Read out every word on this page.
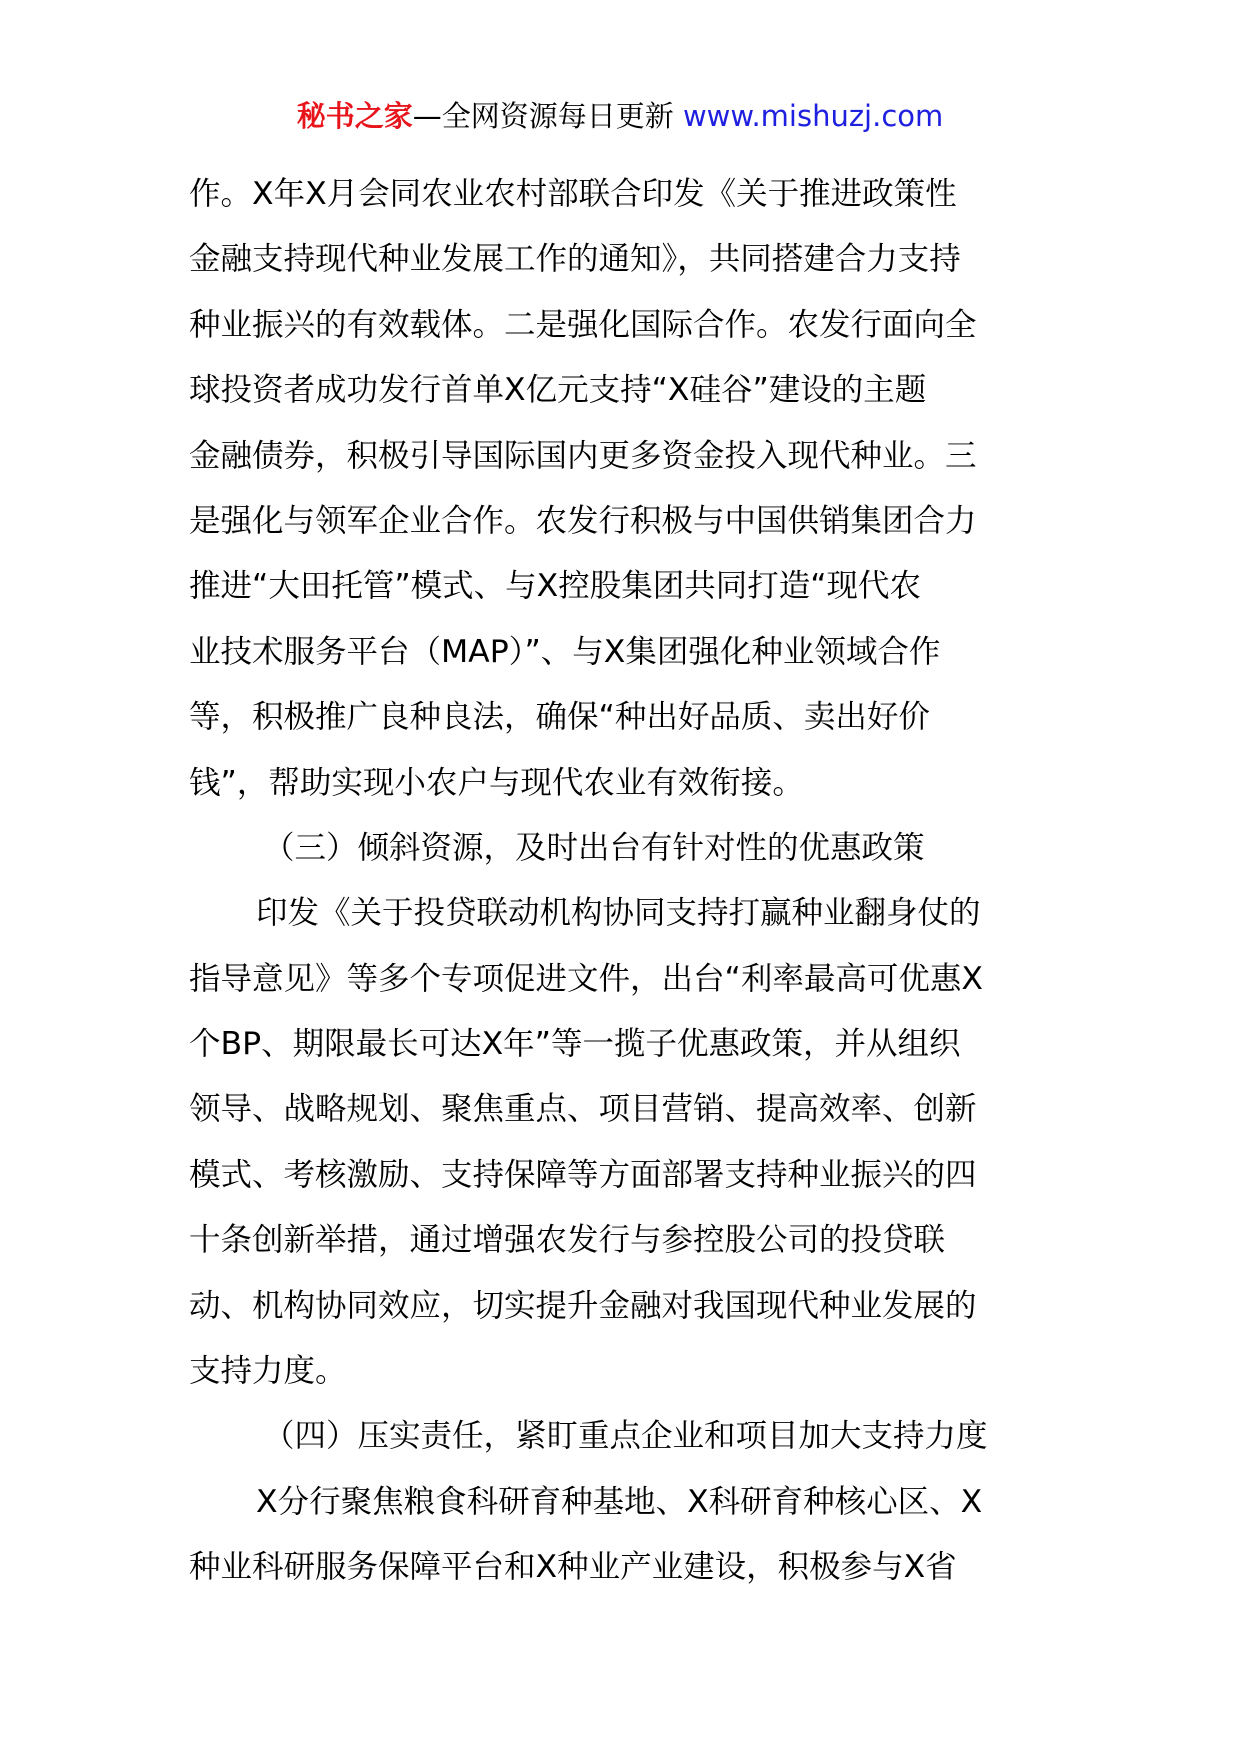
秘书之家—全网资源每日更新 www.mishuzj.com
作。X年X月会同农业农村部联合印发《关于推进政策性
金融支持现代种业发展工作的通知》，共同搭建合力支持
种业振兴的有效载体。二是强化国际合作。农发行面向全
球投资者成功发行首单X亿元支持“X硅谷”建设的主题
金融债券，积极引导国际国内更多资金投入现代种业。三
是强化与领军企业合作。农发行积极与中国供销集团合力
推进“大田托管”模式、与X控股集团共同打造“现代农
业技术服务平台（MAP）”、与X集团强化种业领域合作
等，积极推广良种良法，确保“种出好品质、卖出好价
钱”，帮助实现小农户与现代农业有效衔接。
（三）倾斜资源，及时出台有针对性的优惠政策
印发《关于投贷联动机构协同支持打赢种业翻身仗的
指导意见》等多个专项促进文件，出台“利率最高可优惠X
个BP、期限最长可达X年”等一揽子优惠政策，并从组织
领导、战略规划、聚焦重点、项目营销、提高效率、创新
模式、考核激励、支持保障等方面部署支持种业振兴的四
十条创新举措，通过增强农发行与参控股公司的投贷联
动、机构协同效应，切实提升金融对我国现代种业发展的
支持力度。
（四）压实责任，紧盯重点企业和项目加大支持力度
X分行聚焦粮食科研育种基地、X科研育种核心区、X
种业科研服务保障平台和X种业产业建设，积极参与X省
